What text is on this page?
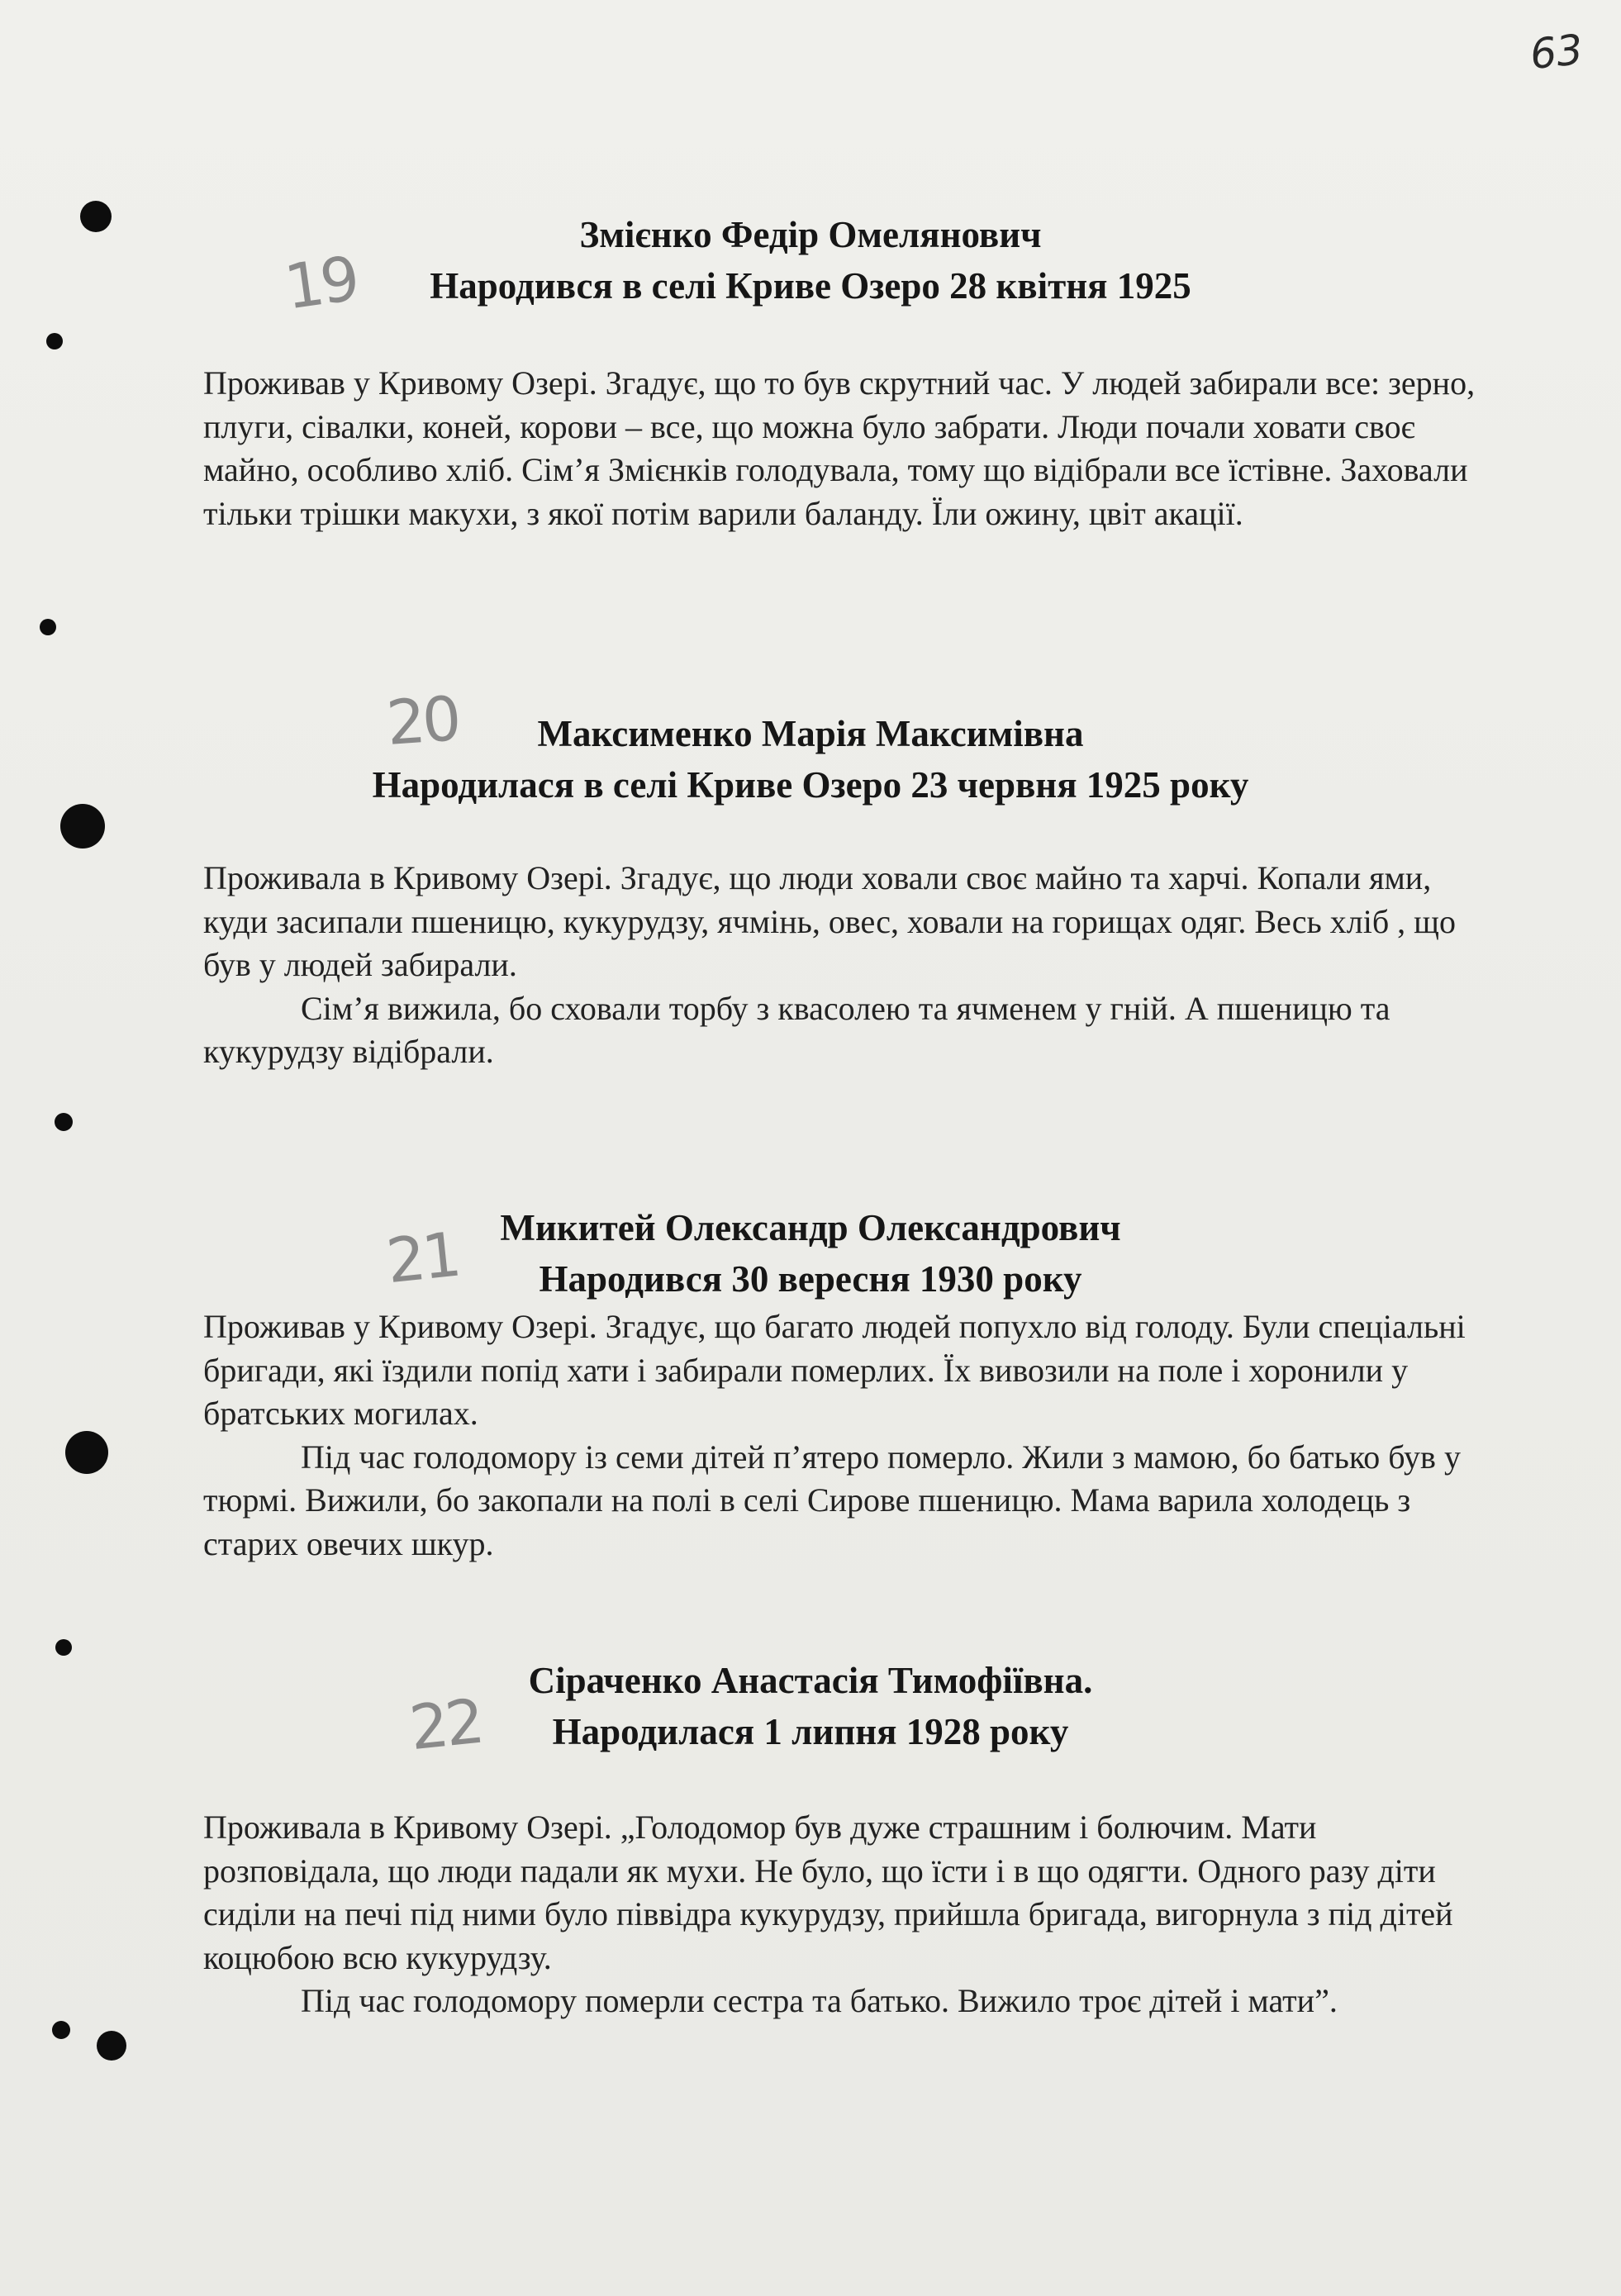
63
19
Змієнко Федір Омелянович
Народився в селі Криве Озеро 28 квітня 1925

Проживав у Кривому Озері. Згадує, що то був скрутний час. У людей забирали все: зерно, плуги, сівалки, коней, корови – все, що можна було забрати. Люди почали ховати своє майно, особливо хліб. Сім’я Змієнків голодувала, тому що відібрали все їстівне. Заховали тільки трішки макухи, з якої потім варили баланду. Їли ожину, цвіт акації.

20	Максименко Марія Максимівна
Народилася в селі Криве Озеро 23 червня 1925 року

Проживала в Кривому Озері. Згадує, що люди ховали своє майно та харчі. Копали ями, куди засипали пшеницю, кукурудзу, ячмінь, овес, ховали на горищах одяг. Весь хліб , що був у людей забирали.

Сім’я вижила, бо сховали торбу з квасолею та ячменем у гній. А пшеницю та кукурудзу відібрали.

21	Микитей Олександр Олександрович
Народився 30 вересня 1930 року

Проживав у Кривому Озері. Згадує, що багато людей попухло від голоду. Були спеціальні бригади, які їздили попід хати і забирали померлих. Їх вивозили на поле і хоронили у братських могилах.

Під час голодомору із семи дітей п’ятеро померло. Жили з мамою, бо батько був у тюрмі. Вижили, бо закопали на полі в селі Сирове пшеницю. Мама варила холодець з старих овечих шкур.

22
Сіраченко Анастасія Тимофіївна.
Народилася 1 липня 1928 року

Проживала в Кривому Озері. „Голодомор був дуже страшним і болючим. Мати розповідала, що люди падали як мухи. Не було, що їсти і в що одягти. Одного разу діти сиділи на печі під ними було піввідра кукурудзу, прийшла бригада, вигорнула з під дітей коцюбою всю кукурудзу.

Під час голодомору померли сестра та батько. Вижило троє дітей і мати”.
